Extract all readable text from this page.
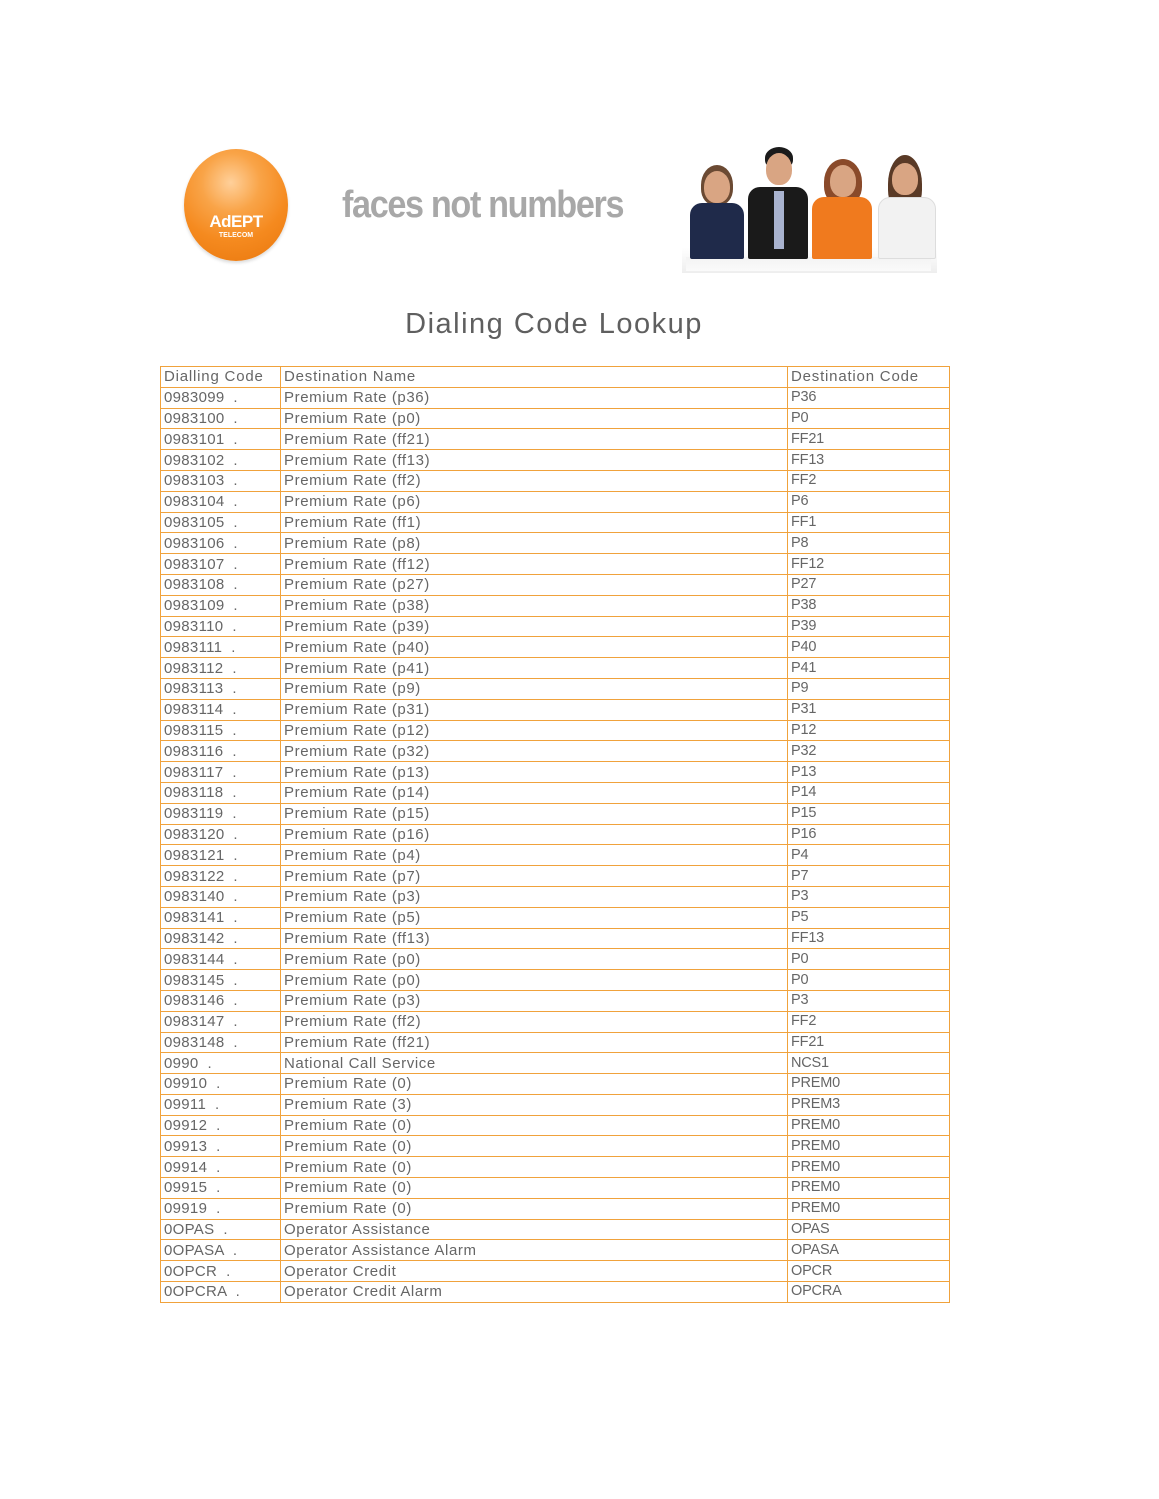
AdEPT
TELECOM
faces not numbers
Dialing Code Lookup
Dialling Code	Destination Name	Destination Code
0983099  .	Premium Rate (p36)	P36
0983100  .	Premium Rate (p0)	P0
0983101  .	Premium Rate (ff21)	FF21
0983102  .	Premium Rate (ff13)	FF13
0983103  .	Premium Rate (ff2)	FF2
0983104  .	Premium Rate (p6)	P6
0983105  .	Premium Rate (ff1)	FF1
0983106  .	Premium Rate (p8)	P8
0983107  .	Premium Rate (ff12)	FF12
0983108  .	Premium Rate (p27)	P27
0983109  .	Premium Rate (p38)	P38
0983110  .	Premium Rate (p39)	P39
0983111  .	Premium Rate (p40)	P40
0983112  .	Premium Rate (p41)	P41
0983113  .	Premium Rate (p9)	P9
0983114  .	Premium Rate (p31)	P31
0983115  .	Premium Rate (p12)	P12
0983116  .	Premium Rate (p32)	P32
0983117  .	Premium Rate (p13)	P13
0983118  .	Premium Rate (p14)	P14
0983119  .	Premium Rate (p15)	P15
0983120  .	Premium Rate (p16)	P16
0983121  .	Premium Rate (p4)	P4
0983122  .	Premium Rate (p7)	P7
0983140  .	Premium Rate (p3)	P3
0983141  .	Premium Rate (p5)	P5
0983142  .	Premium Rate (ff13)	FF13
0983144  .	Premium Rate (p0)	P0
0983145  .	Premium Rate (p0)	P0
0983146  .	Premium Rate (p3)	P3
0983147  .	Premium Rate (ff2)	FF2
0983148  .	Premium Rate (ff21)	FF21
0990  .	National Call Service	NCS1
09910  .	Premium Rate (0)	PREM0
09911  .	Premium Rate (3)	PREM3
09912  .	Premium Rate (0)	PREM0
09913  .	Premium Rate (0)	PREM0
09914  .	Premium Rate (0)	PREM0
09915  .	Premium Rate (0)	PREM0
09919  .	Premium Rate (0)	PREM0
0OPAS  .	Operator Assistance	OPAS
0OPASA  .	Operator Assistance Alarm	OPASA
0OPCR  .	Operator Credit	OPCR
0OPCRA  .	Operator Credit Alarm	OPCRA
